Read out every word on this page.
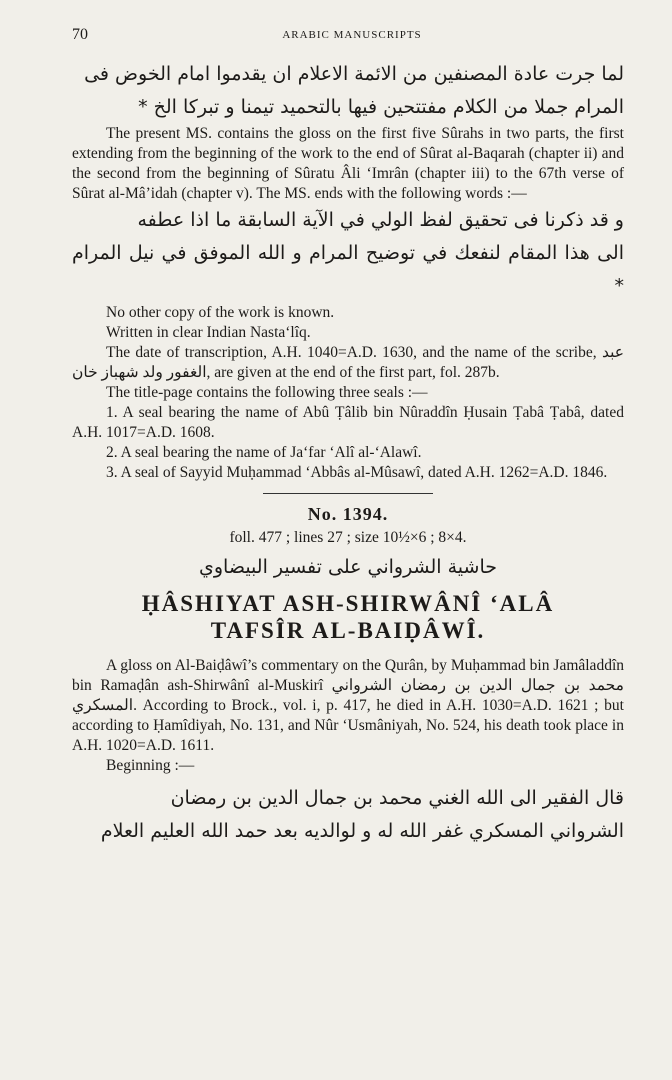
70	ARABIC MANUSCRIPTS

لما جرت عادة المصنفين من الائمة الاعلام ان يقدموا امام الخوض فى

المرام جملا من الكلام مفتتحين فيها بالتحميد تيمنا و تبركا الخ *

The present MS. contains the gloss on the first five Sûrahs in two parts, the first extending from the beginning of the work to the end of Sûrat al-Baqarah (chapter ii) and the second from the beginning of Sûratu Âli ‘Imrân (chapter iii) to the 67th verse of Sûrat al-Mâ’idah (chapter v). The MS. ends with the following words :—

و قد ذكرنا فى تحقيق لفظ الولي في الآية السابقة ما اذا عطفه

الى هذا المقام لنفعك في توضيح المرام و الله الموفق في نيل المرام *

No other copy of the work is known.

Written in clear Indian Nasta‘lîq.

The date of transcription, A.H. 1040=A.D. 1630, and the name of the scribe, عبد الغفور ولد شهباز خان, are given at the end of the first part, fol. 287b.

The title-page contains the following three seals :—

1. A seal bearing the name of Abû Ṭâlib bin Nûraddîn Ḥusain Ṭabâ Ṭabâ, dated A.H. 1017=A.D. 1608.

2. A seal bearing the name of Ja‘far ‘Alî al-‘Alawî.

3. A seal of Sayyid Muḥammad ‘Abbâs al-Mûsawî, dated A.H. 1262=A.D. 1846.

No. 1394.
foll. 477 ; lines 27 ; size 10½×6 ; 8×4.

حاشية الشرواني على تفسير البيضاوي

ḤÂSHIYAT ASH-SHIRWÂNÎ ‘ALÂ
TAFSÎR AL-BAIḌÂWÎ.

A gloss on Al-Baiḍâwî’s commentary on the Qurân, by Muḥammad bin Jamâladdîn bin Ramaḍân ash-Shirwânî al-Muskirî محمد بن جمال الدين بن رمضان الشرواني المسكري. According to Brock., vol. i, p. 417, he died in A.H. 1030=A.D. 1621 ; but according to Ḥamîdiyah, No. 131, and Nûr ‘Usmâniyah, No. 524, his death took place in A.H. 1020=A.D. 1611.

Beginning :—

قال الفقير الى الله الغني محمد بن جمال الدين بن رمضان

الشرواني المسكري غفر الله له و لوالديه بعد حمد الله العليم العلام
